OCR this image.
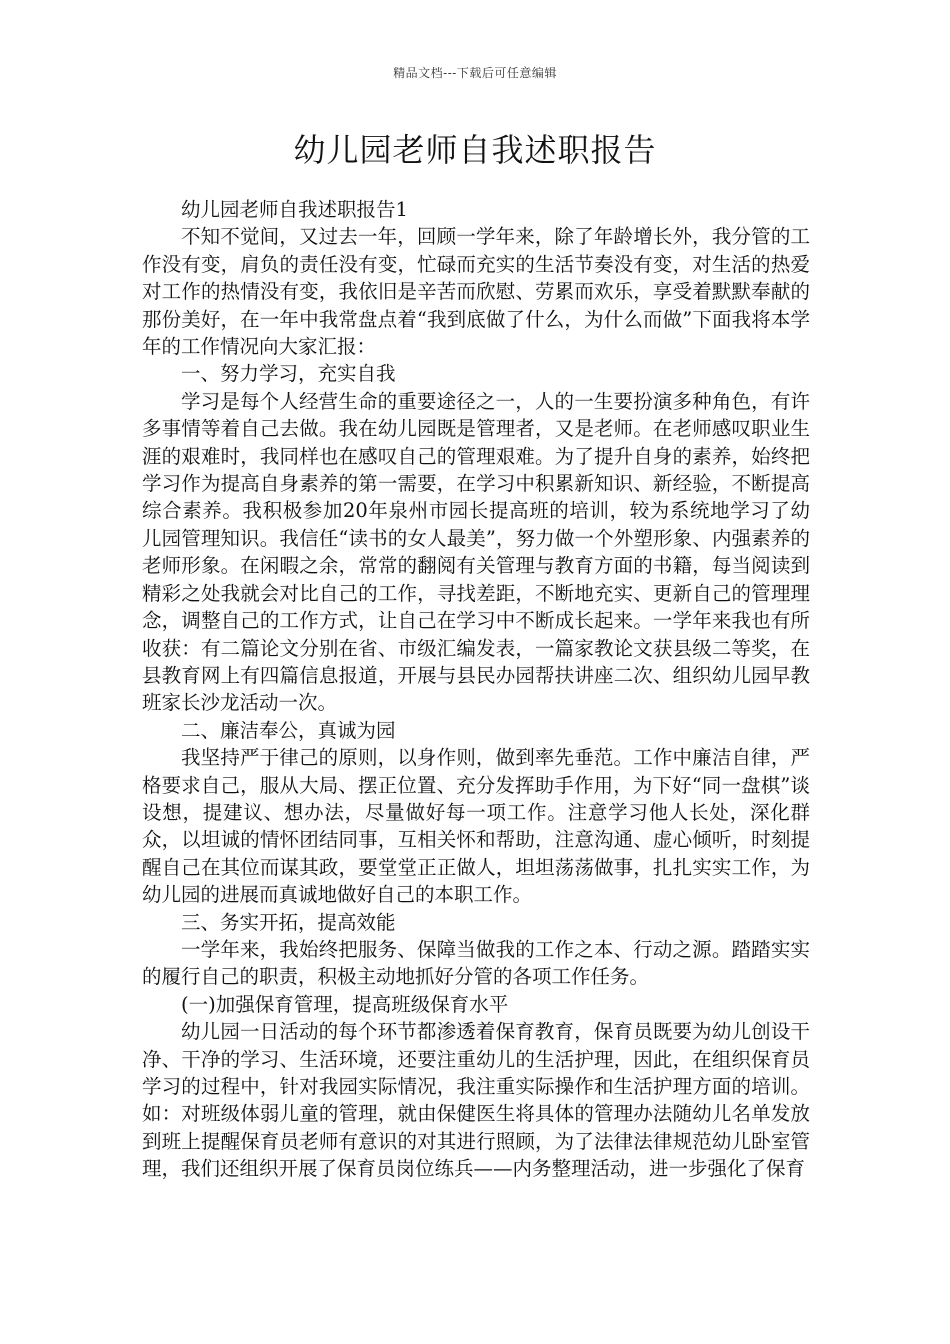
精品文档---下载后可任意编辑
幼儿园老师自我述职报告

幼儿园老师自我述职报告1

不知不觉间，又过去一年，回顾一学年来，除了年龄增长外，我分管的工作没有变，肩负的责任没有变，忙碌而充实的生活节奏没有变，对生活的热爱对工作的热情没有变，我依旧是辛苦而欣慰、劳累而欢乐，享受着默默奉献的那份美好，在一年中我常盘点着“我到底做了什么，为什么而做”下面我将本学年的工作情况向大家汇报：

一、努力学习，充实自我

学习是每个人经营生命的重要途径之一，人的一生要扮演多种角色，有许多事情等着自己去做。我在幼儿园既是管理者，又是老师。在老师感叹职业生涯的艰难时，我同样也在感叹自己的管理艰难。为了提升自身的素养，始终把学习作为提高自身素养的第一需要，在学习中积累新知识、新经验，不断提高综合素养。我积极参加20年泉州市园长提高班的培训，较为系统地学习了幼儿园管理知识。我信任“读书的女人最美”，努力做一个外塑形象、内强素养的老师形象。在闲暇之余，常常的翻阅有关管理与教育方面的书籍，每当阅读到精彩之处我就会对比自己的工作，寻找差距，不断地充实、更新自己的管理理念，调整自己的工作方式，让自己在学习中不断成长起来。一学年来我也有所收获：有二篇论文分别在省、市级汇编发表，一篇家教论文获县级二等奖，在县教育网上有四篇信息报道，开展与县民办园帮扶讲座二次、组织幼儿园早教班家长沙龙活动一次。

二、廉洁奉公，真诚为园

我坚持严于律己的原则，以身作则，做到率先垂范。工作中廉洁自律，严格要求自己，服从大局、摆正位置、充分发挥助手作用，为下好“同一盘棋”谈设想，提建议、想办法，尽量做好每一项工作。注意学习他人长处，深化群众，以坦诚的情怀团结同事，互相关怀和帮助，注意沟通、虚心倾听，时刻提醒自己在其位而谋其政，要堂堂正正做人，坦坦荡荡做事，扎扎实实工作，为幼儿园的进展而真诚地做好自己的本职工作。

三、务实开拓，提高效能

一学年来，我始终把服务、保障当做我的工作之本、行动之源。踏踏实实的履行自己的职责，积极主动地抓好分管的各项工作任务。

(一)加强保育管理，提高班级保育水平

幼儿园一日活动的每个环节都渗透着保育教育，保育员既要为幼儿创设干净、干净的学习、生活环境，还要注重幼儿的生活护理，因此，在组织保育员学习的过程中，针对我园实际情况，我注重实际操作和生活护理方面的培训。如：对班级体弱儿童的管理，就由保健医生将具体的管理办法随幼儿名单发放到班上提醒保育员老师有意识的对其进行照顾，为了法律法律规范幼儿卧室管理，我们还组织开展了保育员岗位练兵——内务整理活动，进一步强化了保育
